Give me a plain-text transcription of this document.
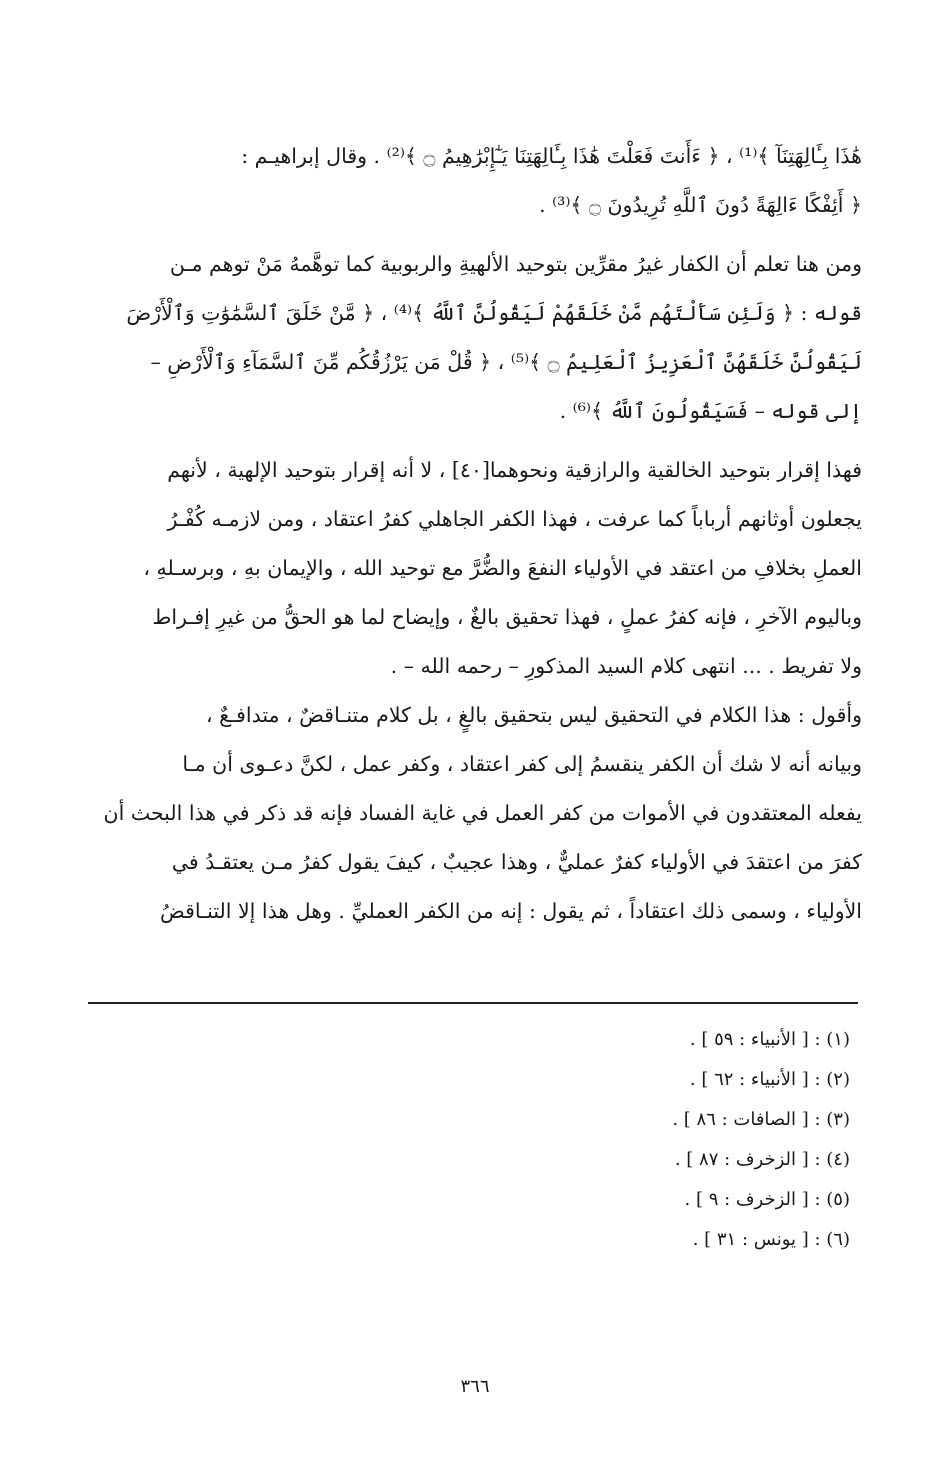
هَٰذَا بِـَٔالِهَتِنَآ ﴾⁽¹⁾ ، ﴿ ءَأَنتَ فَعَلْتَ هَٰذَا بِـَٔالِهَتِنَا يَـٰٓإِبْرَٰهِيمُ ۝ ﴾⁽²⁾ . وقال إبراهيـم :
﴿ أَئِفْكًا ءَالِهَةً دُونَ ٱللَّهِ تُرِيدُونَ ۝ ﴾⁽³⁾ .
ومن هنا تعلم أن الكفار غيرُ مقرِّين بتوحيد الألهيةِ والربوبية كما توهَّمهُ مَنْ توهم مـن
قوله : ﴿ وَلَئِن سَأَلْتَهُم مَّنْ خَلَقَهُمْ لَيَقُولُنَّ ٱللَّهُ ﴾⁽⁴⁾ ، ﴿ مَّنْ خَلَقَ ٱلسَّمَٰوَٰتِ وَٱلْأَرْضَ
لَيَقُولُنَّ خَلَقَهُنَّ ٱلْعَزِيزُ ٱلْعَلِيمُ ۝ ﴾⁽⁵⁾ ، ﴿ قُلْ مَن يَرْزُقُكُم مِّنَ ٱلسَّمَآءِ وَٱلْأَرْضِ –
إلى قوله – فَسَيَقُولُونَ ٱللَّهُ ﴾⁽⁶⁾ .
فهذا إقرار بتوحيد الخالقية والرازقية ونحوهما[٤٠] ، لا أنه إقرار بتوحيد الإلهية ، لأنهم
يجعلون أوثانهم أرباباً كما عرفت ، فهذا الكفر الجاهلي كفرُ اعتقاد ، ومن لازمـه كُفْـرُ
العملِ بخلافِ من اعتقد في الأولياء النفعَ والضُّرَّ مع توحيد الله ، والإيمان بهِ ، وبرسـلهِ ،
وباليوم الآخرِ ، فإنه كفرُ عملٍ ، فهذا تحقيق بالغٌ ، وإيضاح لما هو الحقُّ من غيرِ إفـراط
ولا تفريط . ... انتهى كلام السيد المذكورِ – رحمه الله – .
وأقول : هذا الكلام في التحقيق ليس بتحقيق بالغٍ ، بل كلام متنـاقضٌ ، متدافـعٌ ،
وبيانه أنه لا شك أن الكفر ينقسمُ إلى كفر اعتقاد ، وكفر عمل ، لكنَّ دعـوى أن مـا
يفعله المعتقدون في الأموات من كفر العمل في غاية الفساد فإنه قد ذكر في هذا البحث أن
كفرَ من اعتقدَ في الأولياء كفرٌ عمليٌّ ، وهذا عجيبٌ ، كيفَ يقول كفرُ مـن يعتقـدُ في
الأولياء ، وسمى ذلك اعتقاداً ، ثم يقول : إنه من الكفر العمليِّ . وهل هذا إلا التنـاقضُ
(١) : [ الأنبياء : ٥٩ ] .
(٢) : [ الأنبياء : ٦٢ ] .
(٣) : [ الصافات : ٨٦ ] .
(٤) : [ الزخرف : ٨٧ ] .
(٥) : [ الزخرف : ٩ ] .
(٦) : [ يونس : ٣١ ] .
٣٦٦
